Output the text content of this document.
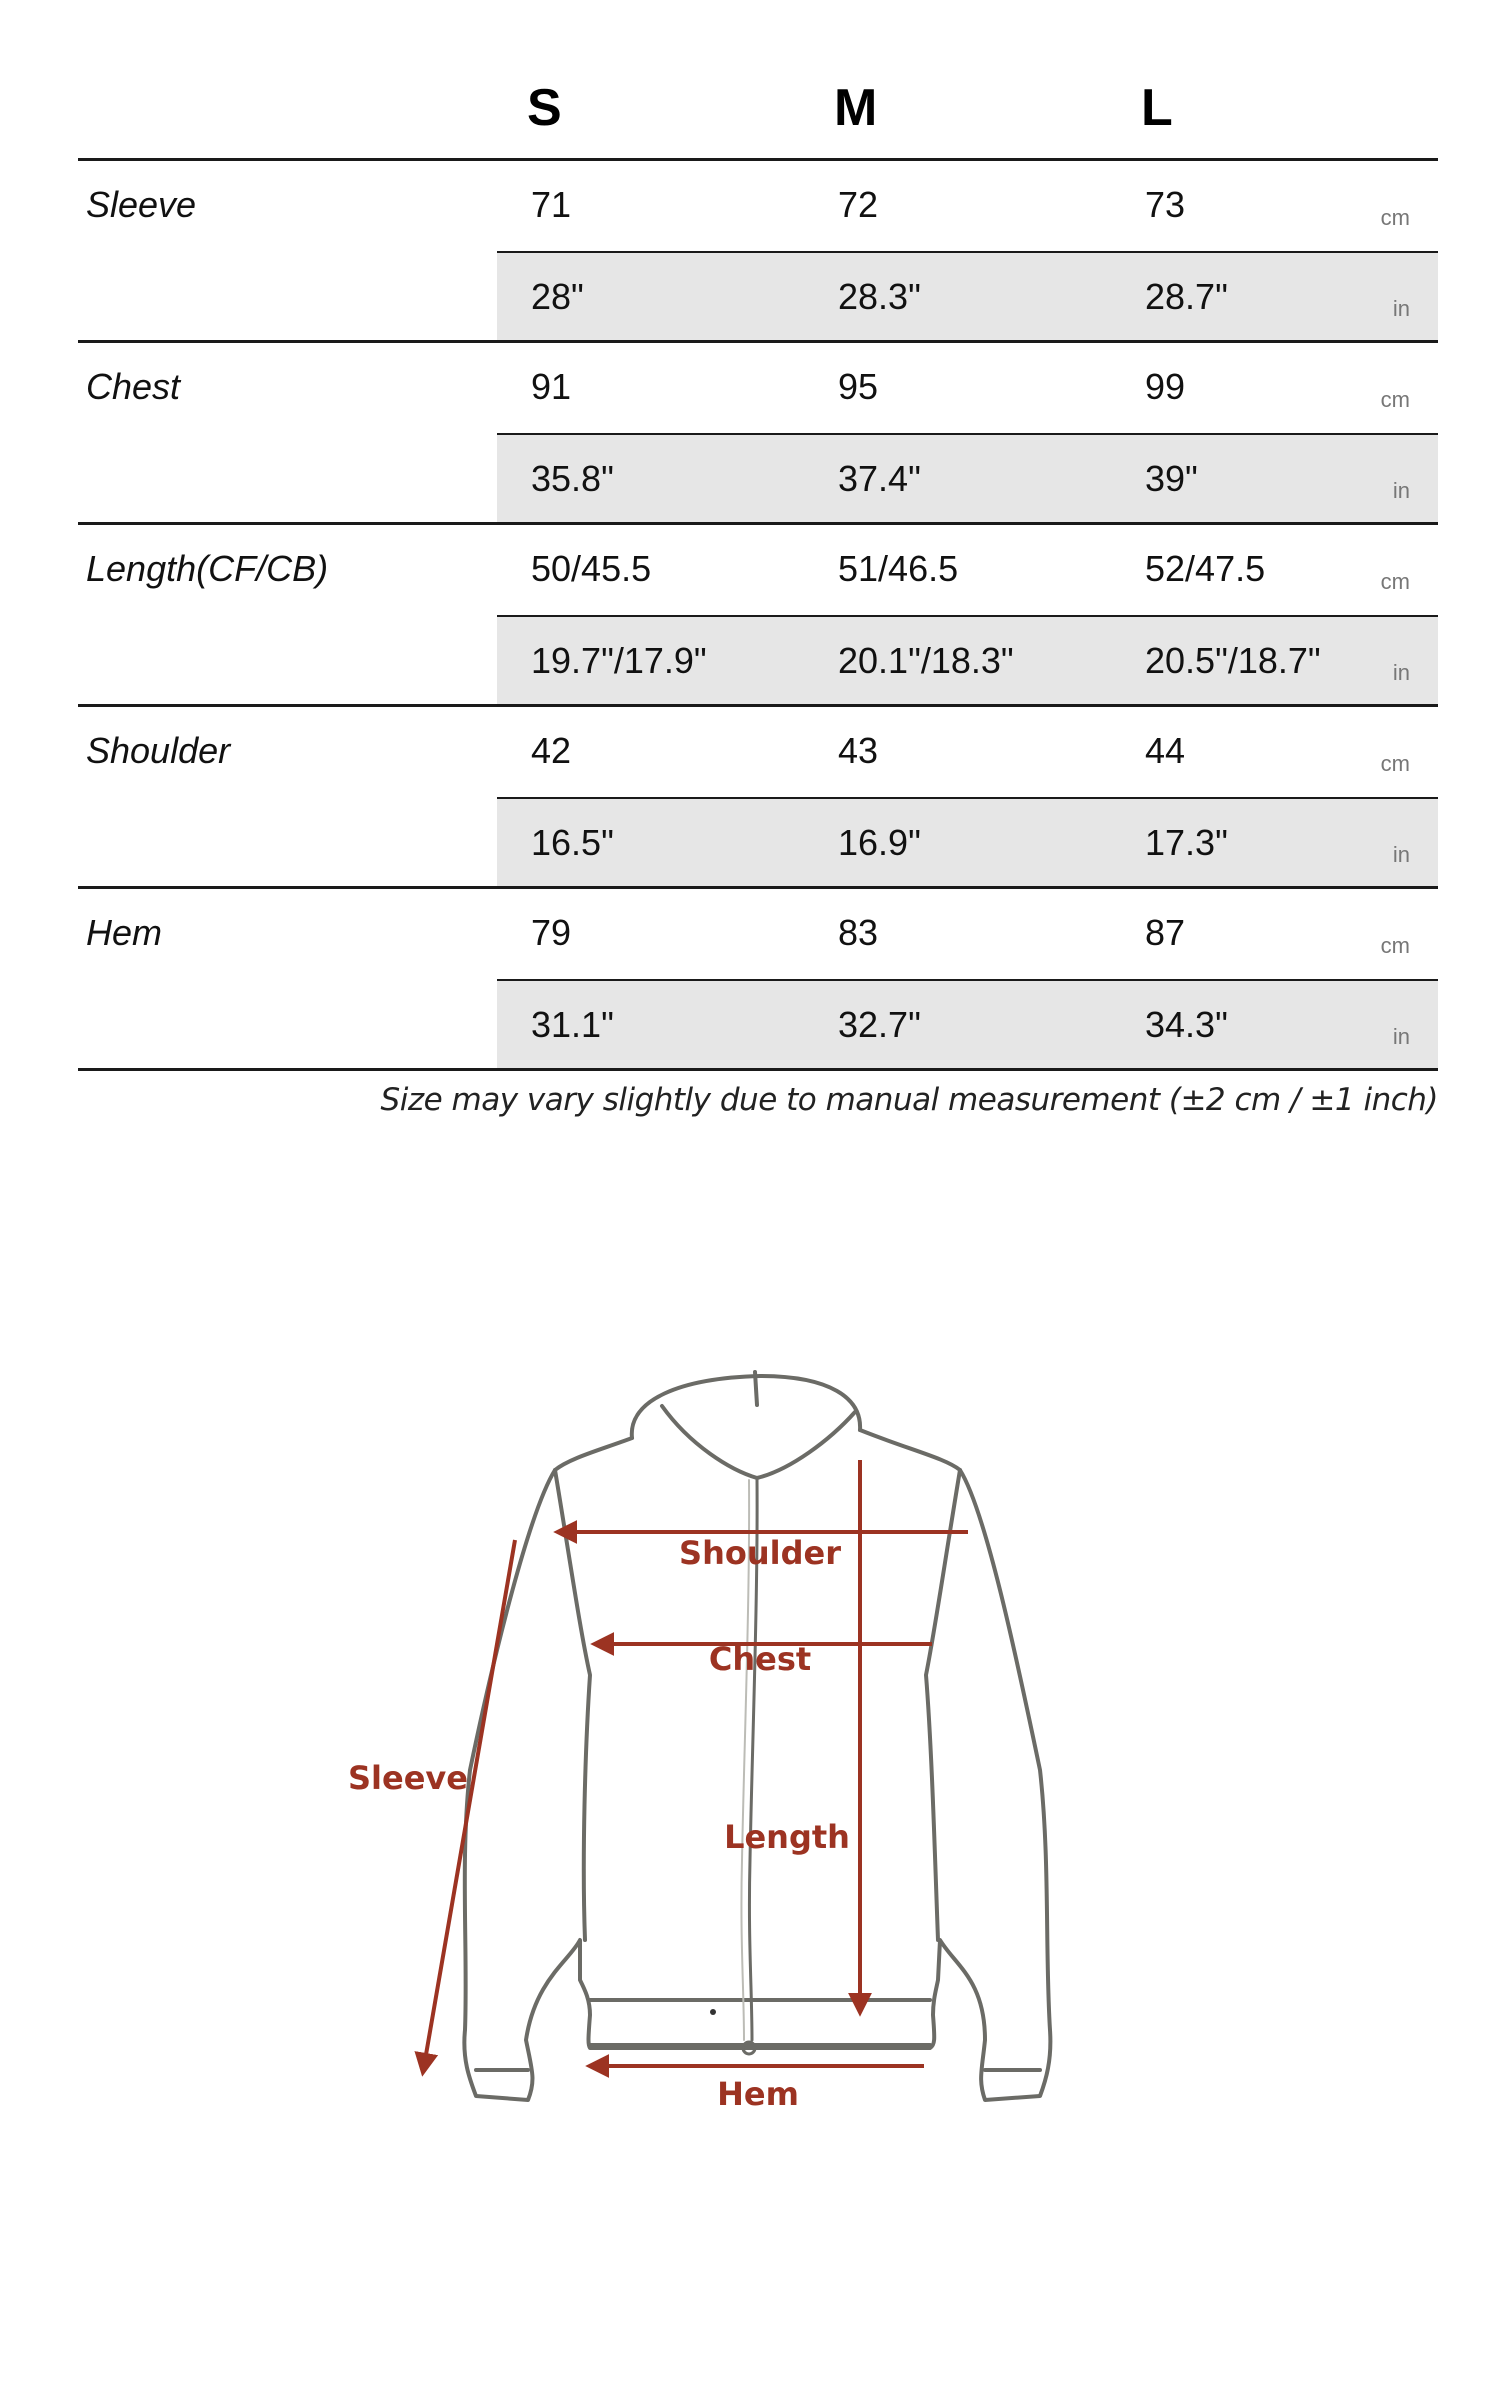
S	M	L
Sleeve	71	72	73	cm
28"	28.3"	28.7"	in
Chest	91	95	99	cm
35.8"	37.4"	39"	in
Length(CF/CB)	50/45.5	51/46.5	52/47.5	cm
19.7"/17.9"	20.1"/18.3"	20.5"/18.7"	in
Shoulder	42	43	44	cm
16.5"	16.9"	17.3"	in
Hem	79	83	87	cm
31.1"	32.7"	34.3"	in
Size may vary slightly due to manual measurement (±2 cm / ±1 inch)
Shoulder
Chest
Sleeve
Length
Hem
